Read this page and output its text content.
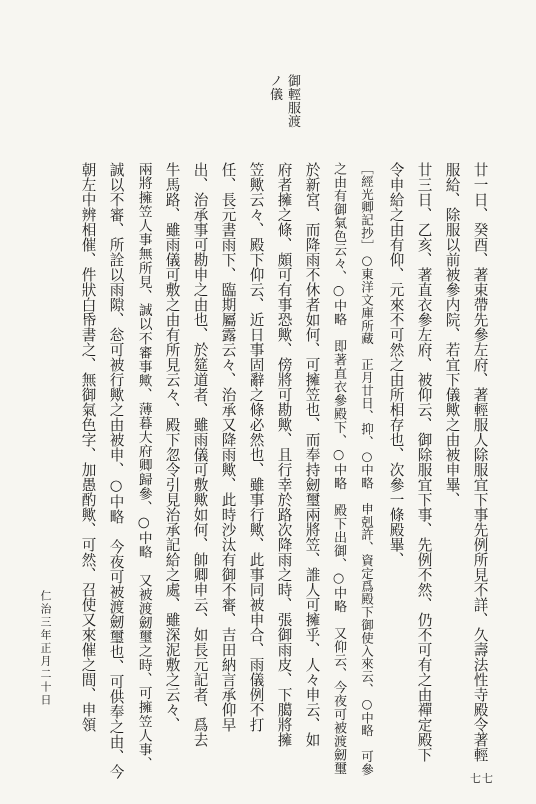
御輕服渡
ノ儀
廿一日、癸酉、著束帶先參左府、著輕服人除服宜下事先例所見不詳、久壽法性寺殿令著輕
服給、除服以前被參内院、若宜下儀歟之由被申畢、
廿三日、乙亥、著直衣參左府、被仰云、御除服宜下事、先例不然、仍不可有之由禪定殿下
令申給之由有仰、元來不可然之由所相存也、次參一條殿畢、
［經光卿記抄］○東洋文庫所藏　正月廿日、抑、○中略　申剋許、資定爲殿下御使入來云、○中略　可參
之由有御氣色云々、○中略　即著直衣參殿下、○中略　殿下出御、○中略　又仰云、今夜可被渡劒璽
於新宮、而降雨不休者如何、可擁笠也、而奉持劒璽兩將笠、誰人可擁乎、人々申云、如
府者擁之條、頗可有事恐歟、傍將可勘歟、且行幸於路次降雨之時、張御雨皮、下臈將擁
笠歟云々、殿下仰云、近日事固辭之條必然也、雖事行歟、此事同被申合、雨儀例不打
任、長元書雨下、臨期屬露云々、治承又降雨歟、此時沙汰有御不審、吉田納言承仰早
出、治承事可勘申之由也、於筵道者、雖雨儀可敷歟如何、帥卿申云、如長元記者、爲去
牛馬路、雖雨儀可敷之由有所見云々、殿下忽令引見治承記給之處、雖深泥敷之云々、
兩將擁笠人事無所見、誠以不審事歟、薄暮大府卿歸參、○中略　又被渡劒璽之時、可擁笠人事、
誠以不審、所詮以雨隙、忩可被行歟之由被申、○中略　今夜可被渡劒璽也、可供奉之由、今
朝左中辨相催、件狀白帋書之、無御氣色字、加愚酌歟、可然、召使又來催之間、申領
仁治三年正月二十日
七七
